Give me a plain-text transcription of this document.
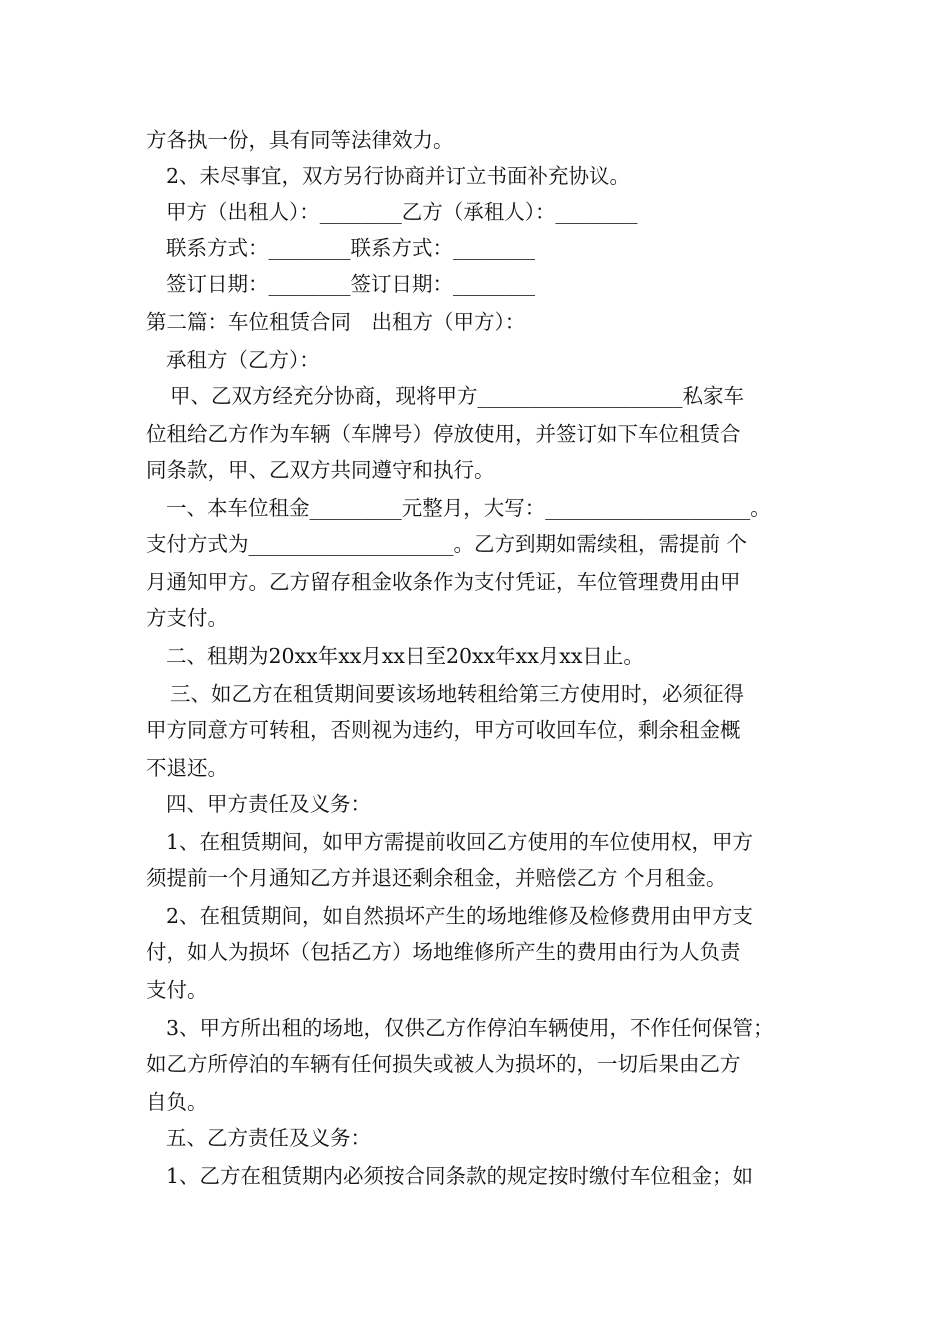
方各执一份，具有同等法律效力。
2、未尽事宜，双方另行协商并订立书面补充协议。
甲方（出租人）：________乙方（承租人）：________
联系方式：________联系方式：________
签订日期：________签订日期：________
第二篇：车位租赁合同　出租方（甲方）：
承租方（乙方）：
甲、乙双方经充分协商，现将甲方____________________私家车
位租给乙方作为车辆（车牌号）停放使用，并签订如下车位租赁合
同条款，甲、乙双方共同遵守和执行。
一、本车位租金_________元整月，大写：____________________。
支付方式为____________________。乙方到期如需续租，需提前 个
月通知甲方。乙方留存租金收条作为支付凭证，车位管理费用由甲
方支付。
二、租期为20xx年xx月xx日至20xx年xx月xx日止。
三、如乙方在租赁期间要该场地转租给第三方使用时，必须征得
甲方同意方可转租，否则视为违约，甲方可收回车位，剩余租金概
不退还。
四、甲方责任及义务：
1、在租赁期间，如甲方需提前收回乙方使用的车位使用权，甲方
须提前一个月通知乙方并退还剩余租金，并赔偿乙方 个月租金。
2、在租赁期间，如自然损坏产生的场地维修及检修费用由甲方支
付，如人为损坏（包括乙方）场地维修所产生的费用由行为人负责
支付。
3、甲方所出租的场地，仅供乙方作停泊车辆使用，不作任何保管；
如乙方所停泊的车辆有任何损失或被人为损坏的，一切后果由乙方
自负。
五、乙方责任及义务：
1、乙方在租赁期内必须按合同条款的规定按时缴付车位租金；如
